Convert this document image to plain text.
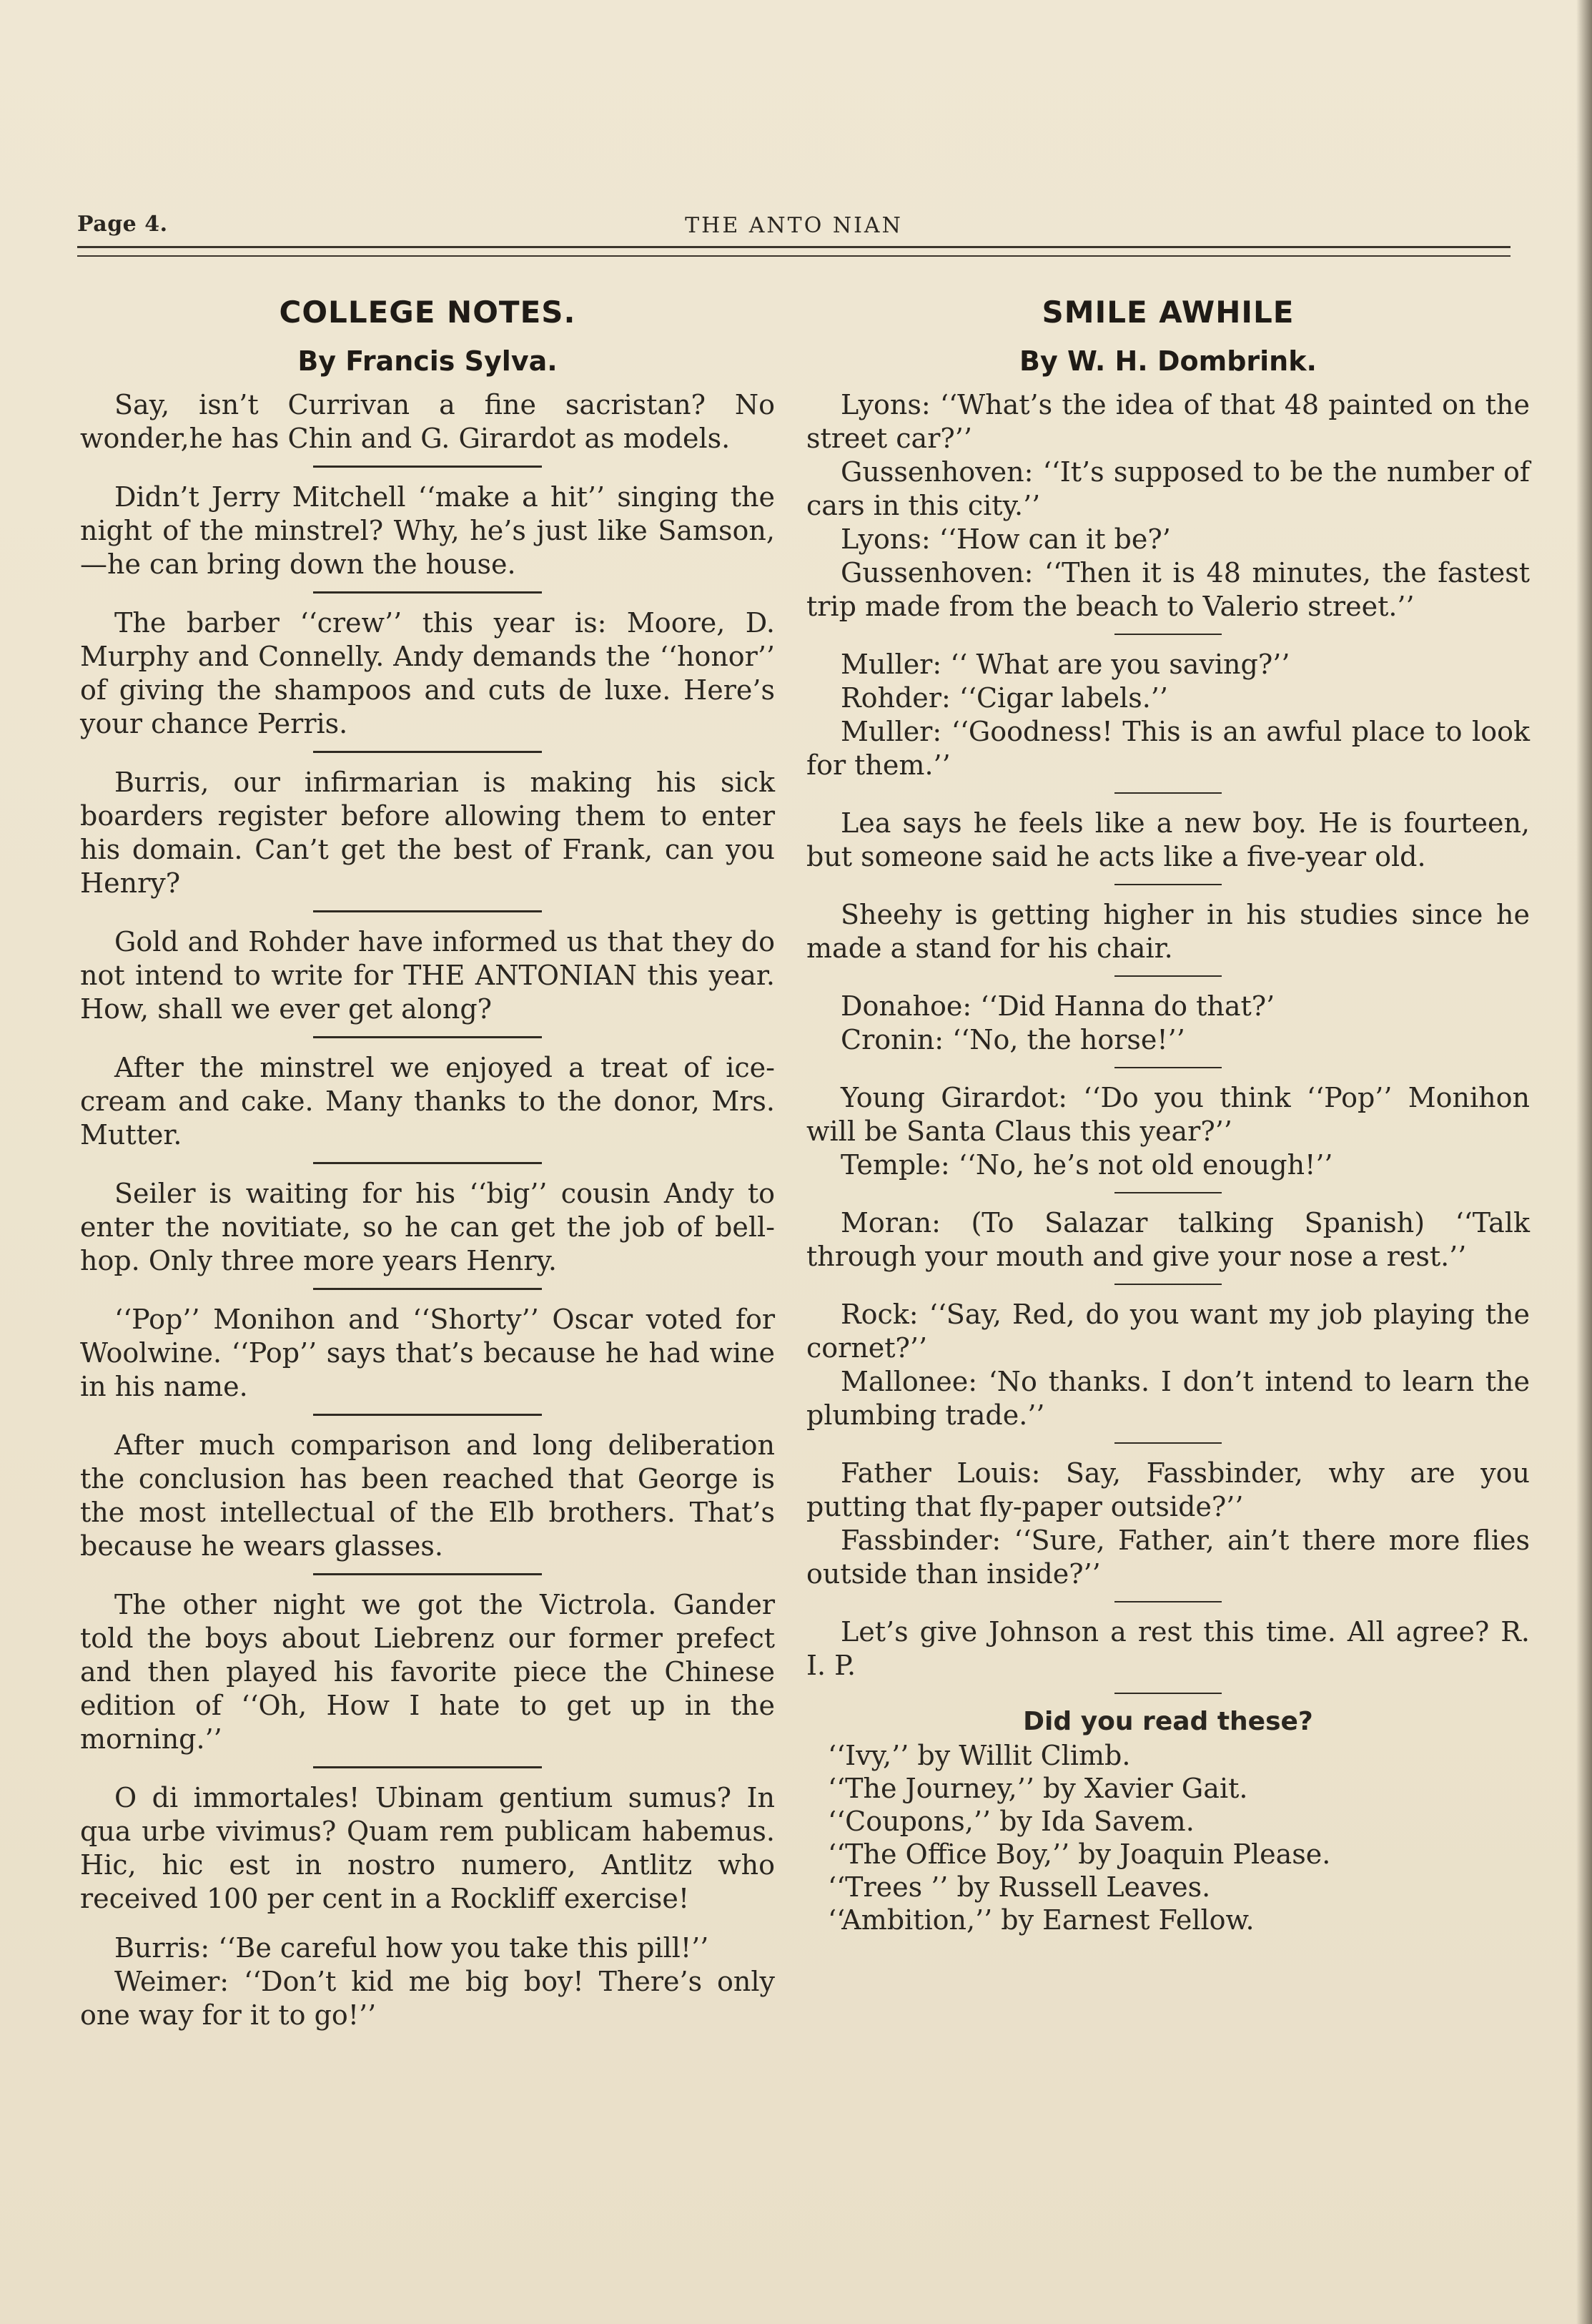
Page 4.	THE ANTO NIAN
COLLEGE NOTES.
By Francis Sylva.

Say, isn’t Currivan a fine sacristan? No wonder,he has Chin and G. Girardot as models.

Didn’t Jerry Mitchell ‘‘make a hit’’ singing the night of the minstrel? Why, he’s just like Samson,—he can bring down the house.

The barber ‘‘crew’’ this year is: Moore, D. Murphy and Connelly. Andy demands the ‘‘honor’’ of giving the shampoos and cuts de luxe. Here’s your chance Perris.

Burris, our infirmarian is making his sick boarders register before allowing them to enter his domain. Can’t get the best of Frank, can you Henry?

Gold and Rohder have informed us that they do not intend to write for THE ANTONIAN this year. How, shall we ever get along?

After the minstrel we enjoyed a treat of ice-cream and cake. Many thanks to the donor, Mrs. Mutter.

Seiler is waiting for his ‘‘big’’ cousin Andy to enter the novitiate, so he can get the job of bell-hop. Only three more years Henry.

‘‘Pop’’ Monihon and ‘‘Shorty’’ Oscar voted for Woolwine. ‘‘Pop’’ says that’s because he had wine in his name.

After much comparison and long deliberation the conclusion has been reached that George is the most intellectual of the Elb brothers. That’s because he wears glasses.

The other night we got the Victrola. Gander told the boys about Liebrenz our former prefect and then played his favorite piece the Chinese edition of ‘‘Oh, How I hate to get up in the morning.’’

O di immortales! Ubinam gentium sumus? In qua urbe vivimus? Quam rem publicam habemus. Hic, hic est in nostro numero, Antlitz who received 100 per cent in a Rockliff exercise!

Burris: ‘‘Be careful how you take this pill!’’

Weimer: ‘‘Don’t kid me big boy! There’s only one way for it to go!’’

SMILE AWHILE
By W. H. Dombrink.

Lyons: ‘‘What’s the idea of that 48 painted on the street car?’’

Gussenhoven: ‘‘It’s supposed to be the number of cars in this city.’’

Lyons: ‘‘How can it be?’

Gussenhoven: ‘‘Then it is 48 minutes, the fastest trip made from the beach to Valerio street.’’

Muller: ‘‘ What are you saving?’’

Rohder: ‘‘Cigar labels.’’

Muller: ‘‘Goodness! This is an awful place to look for them.’’

Lea says he feels like a new boy. He is fourteen, but someone said he acts like a five-year old.

Sheehy is getting higher in his studies since he made a stand for his chair.

Donahoe: ‘‘Did Hanna do that?’

Cronin: ‘‘No, the horse!’’

Young Girardot: ‘‘Do you think ‘‘Pop’’ Monihon will be Santa Claus this year?’’

Temple: ‘‘No, he’s not old enough!’’

Moran: (To Salazar talking Spanish) ‘‘Talk through your mouth and give your nose a rest.’’

Rock: ‘‘Say, Red, do you want my job playing the cornet?’’

Mallonee: ‘No thanks. I don’t intend to learn the plumbing trade.’’

Father Louis: Say, Fassbinder, why are you putting that fly-paper outside?’’

Fassbinder: ‘‘Sure, Father, ain’t there more flies outside than inside?’’

Let’s give Johnson a rest this time. All agree? R. I. P.

Did you read these?

‘‘Ivy,’’ by Willit Climb.

‘‘The Journey,’’ by Xavier Gait.

‘‘Coupons,’’ by Ida Savem.

‘‘The Office Boy,’’ by Joaquin Please.

‘‘Trees ’’ by Russell Leaves.

‘‘Ambition,’’ by Earnest Fellow.
